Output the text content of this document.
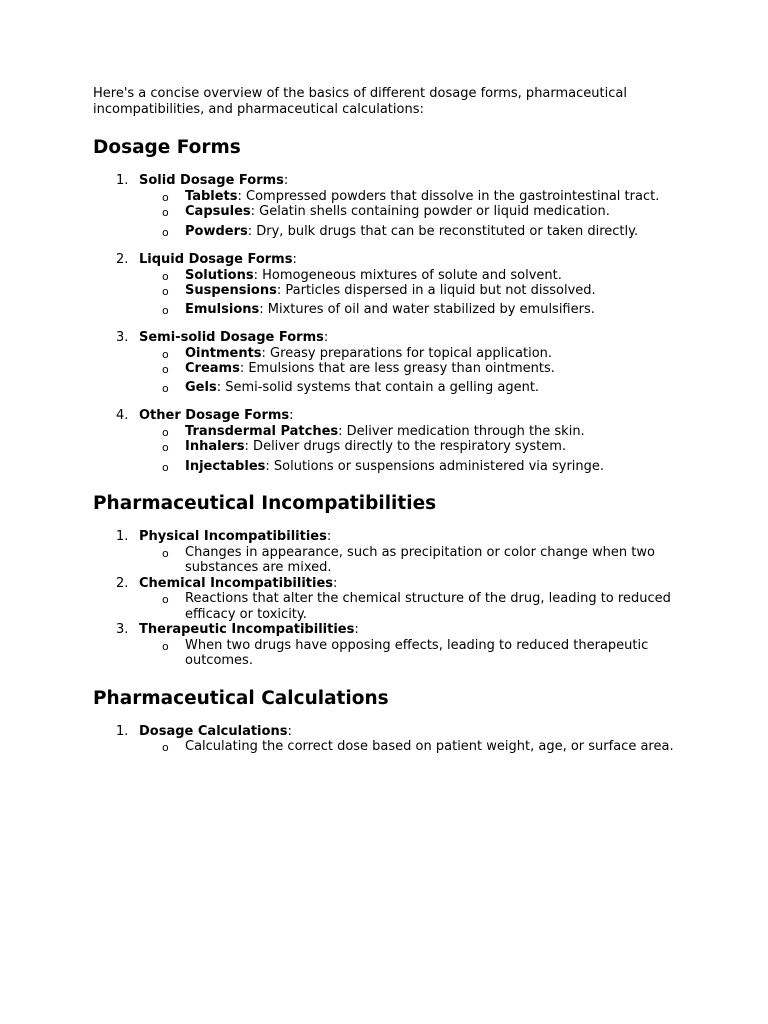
Here's a concise overview of the basics of different dosage forms, pharmaceutical incompatibilities, and pharmaceutical calculations:

Dosage Forms
1. Solid Dosage Forms:
o Tablets: Compressed powders that dissolve in the gastrointestinal tract.
o Capsules: Gelatin shells containing powder or liquid medication.
o Powders: Dry, bulk drugs that can be reconstituted or taken directly.
2. Liquid Dosage Forms:
o Solutions: Homogeneous mixtures of solute and solvent.
o Suspensions: Particles dispersed in a liquid but not dissolved.
o Emulsions: Mixtures of oil and water stabilized by emulsifiers.
3. Semi-solid Dosage Forms:
o Ointments: Greasy preparations for topical application.
o Creams: Emulsions that are less greasy than ointments.
o Gels: Semi-solid systems that contain a gelling agent.
4. Other Dosage Forms:
o Transdermal Patches: Deliver medication through the skin.
o Inhalers: Deliver drugs directly to the respiratory system.
o Injectables: Solutions or suspensions administered via syringe.
Pharmaceutical Incompatibilities
1. Physical Incompatibilities:
o Changes in appearance, such as precipitation or color change when two substances are mixed.
2. Chemical Incompatibilities:
o Reactions that alter the chemical structure of the drug, leading to reduced efficacy or toxicity.
3. Therapeutic Incompatibilities:
o When two drugs have opposing effects, leading to reduced therapeutic outcomes.
Pharmaceutical Calculations
1. Dosage Calculations:
o Calculating the correct dose based on patient weight, age, or surface area.
